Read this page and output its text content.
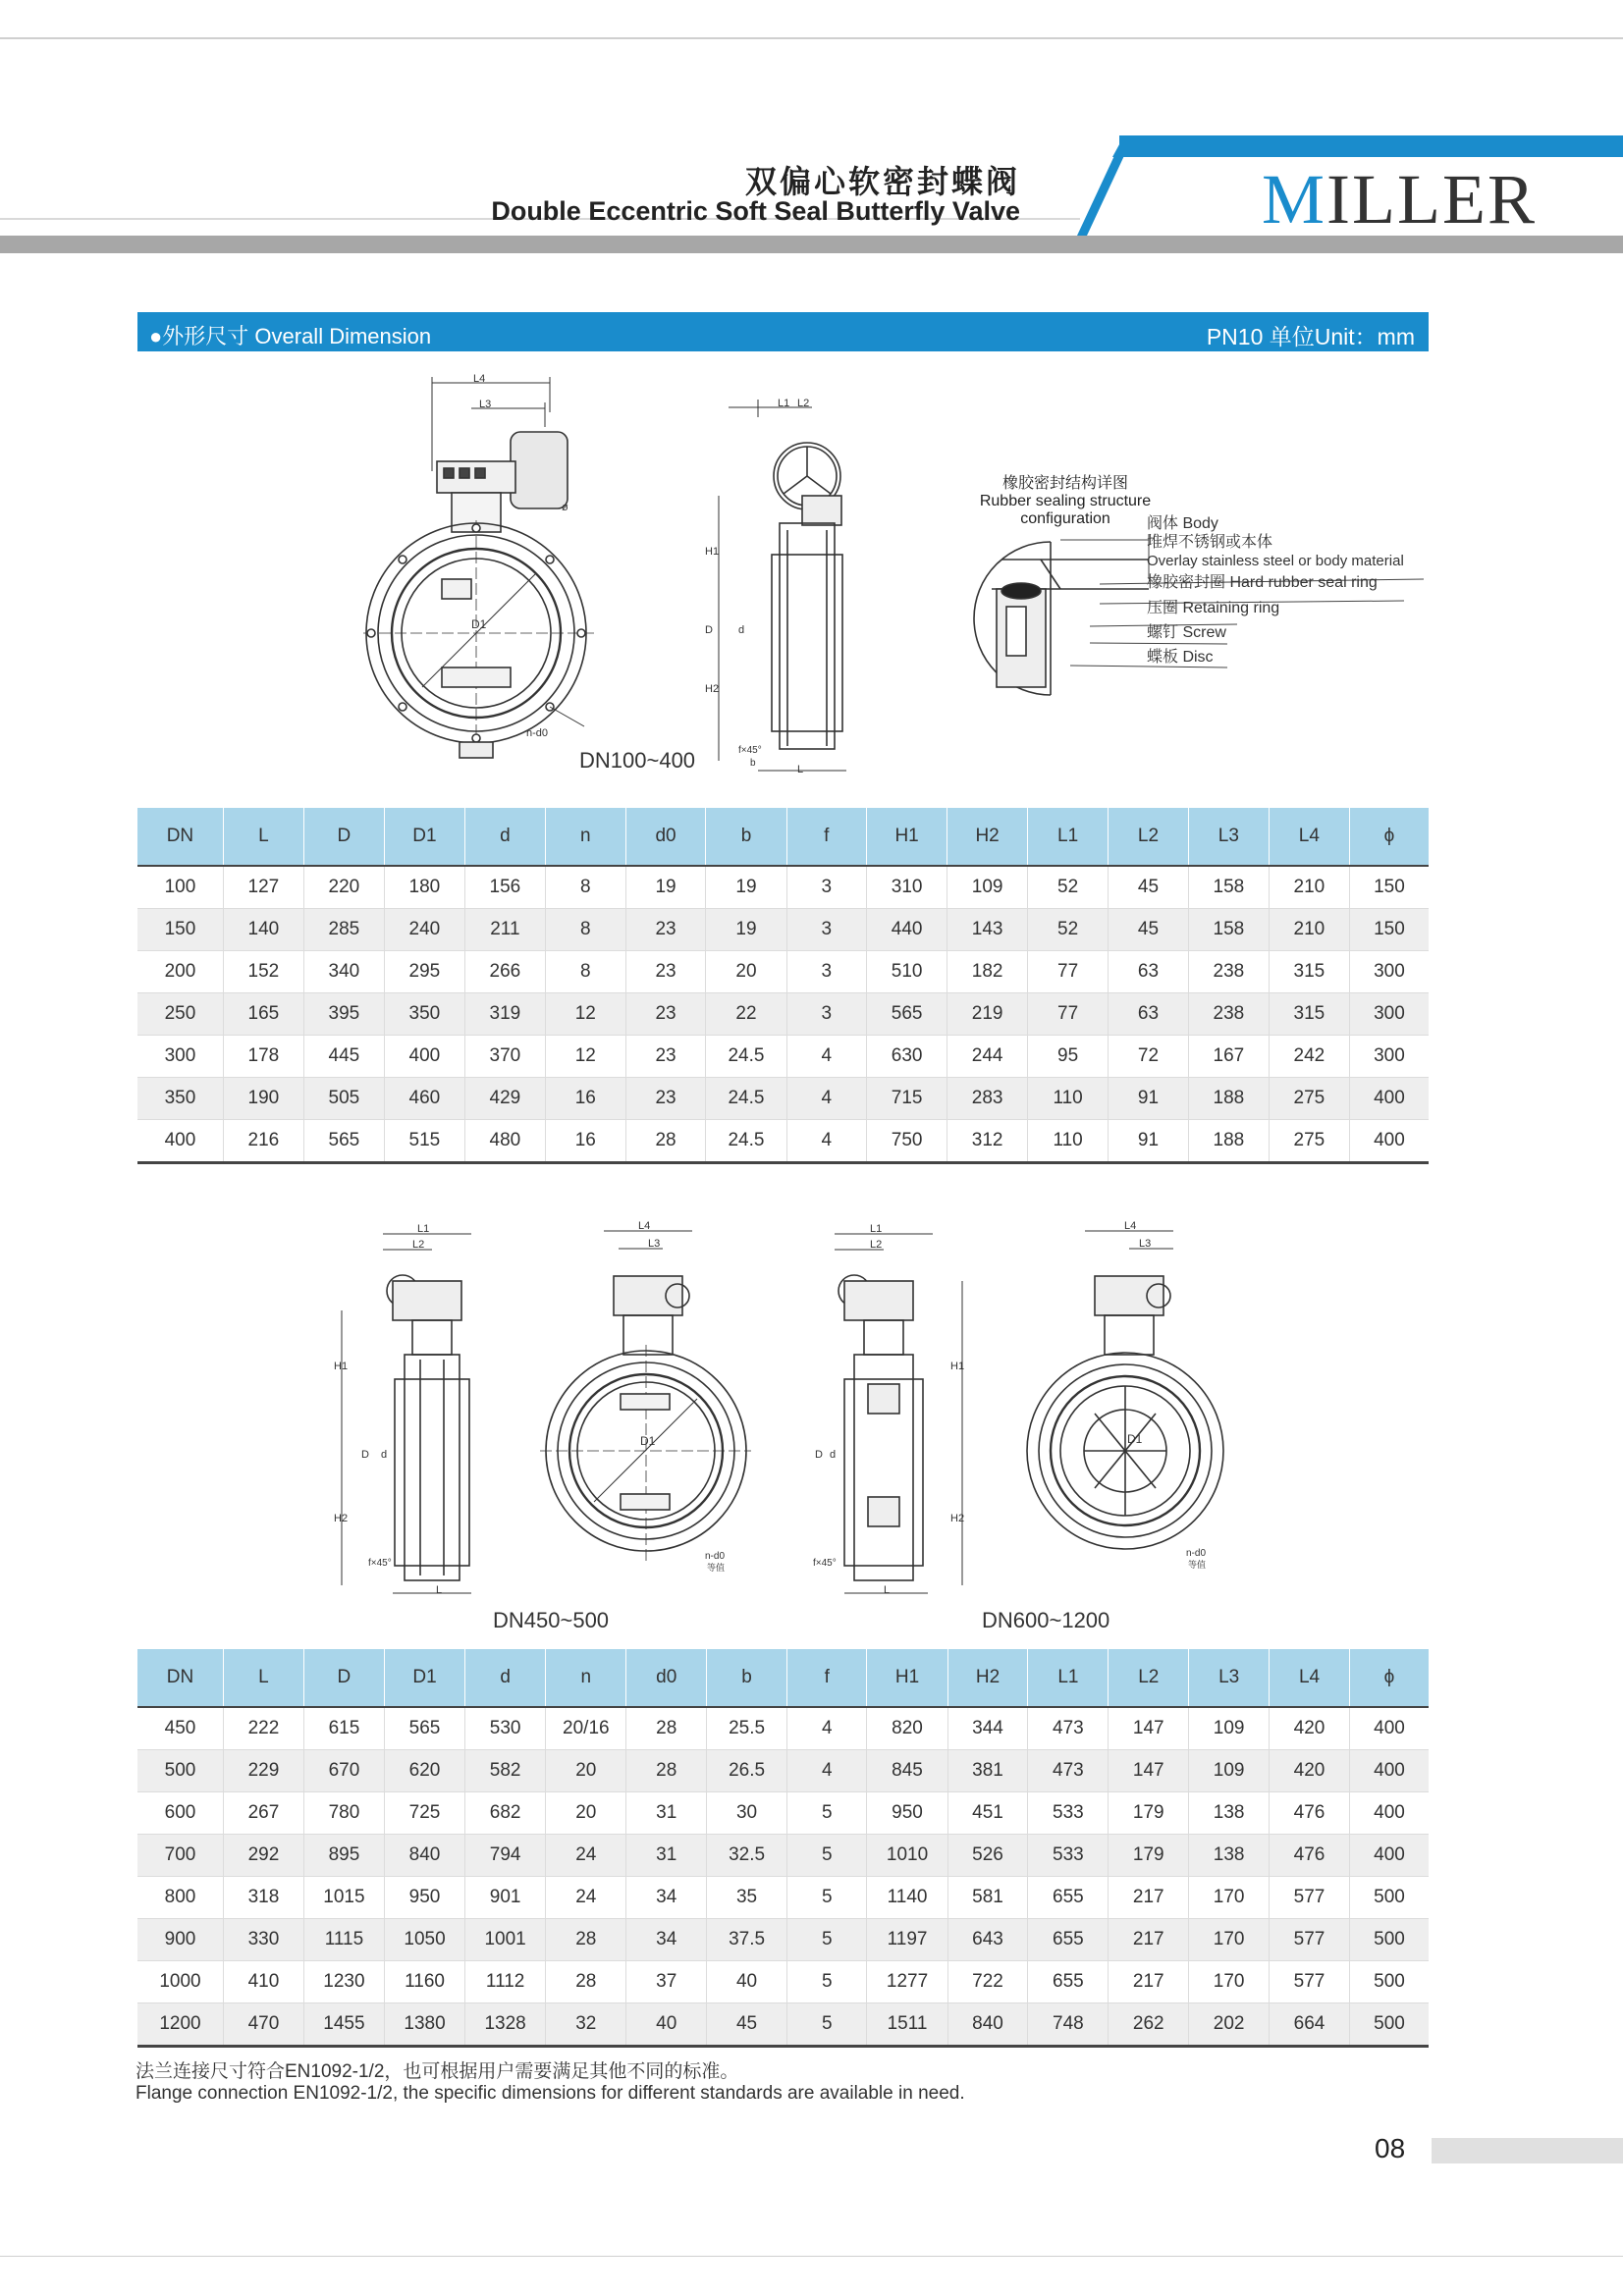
双偏心软密封蝶阀
Double Eccentric Soft Seal Butterfly Valve	MILLER
●外形尺寸 Overall Dimension	PN10 单位Unit：mm
L4
L3
ø
D1
n-d0
DN100~400
L1 L2
H1
D
H2
d
f×45°
b
L
橡胶密封结构详图
Rubber sealing structure
configuration	阀体 Body
堆焊不锈钢或本体
Overlay stainless steel or body material
橡胶密封圈 Hard rubber seal ring
压圈 Retaining ring
螺钉 Screw
蝶板 Disc
DN	L	D	D1	d	n	d0	b	f	H1	H2	L1	L2	L3	L4	ϕ
100	127	220	180	156	8	19	19	3	310	109	52	45	158	210	150
150	140	285	240	211	8	23	19	3	440	143	52	45	158	210	150
200	152	340	295	266	8	23	20	3	510	182	77	63	238	315	300
250	165	395	350	319	12	23	22	3	565	219	77	63	238	315	300
300	178	445	400	370	12	23	24.5	4	630	244	95	72	167	242	300
350	190	505	460	429	16	23	24.5	4	715	283	110	91	188	275	400
400	216	565	515	480	16	28	24.5	4	750	312	110	91	188	275	400
L1
L2
H1
D d
H2
f×45°
L
L4
L3
D1
n-d0
等值
DN450~500
L1
L2
H1
H2
D d
f×45°
L
L4
L3
D1
n-d0
等值
DN600~1200
DN	L	D	D1	d	n	d0	b	f	H1	H2	L1	L2	L3	L4	ϕ
450	222	615	565	530	20/16	28	25.5	4	820	344	473	147	109	420	400
500	229	670	620	582	20	28	26.5	4	845	381	473	147	109	420	400
600	267	780	725	682	20	31	30	5	950	451	533	179	138	476	400
700	292	895	840	794	24	31	32.5	5	1010	526	533	179	138	476	400
800	318	1015	950	901	24	34	35	5	1140	581	655	217	170	577	500
900	330	1115	1050	1001	28	34	37.5	5	1197	643	655	217	170	577	500
1000	410	1230	1160	1112	28	37	40	5	1277	722	655	217	170	577	500
1200	470	1455	1380	1328	32	40	45	5	1511	840	748	262	202	664	500
法兰连接尺寸符合EN1092-1/2，也可根据用户需要满足其他不同的标准。
Flange connection EN1092-1/2, the specific dimensions for different standards are available in need.
08
